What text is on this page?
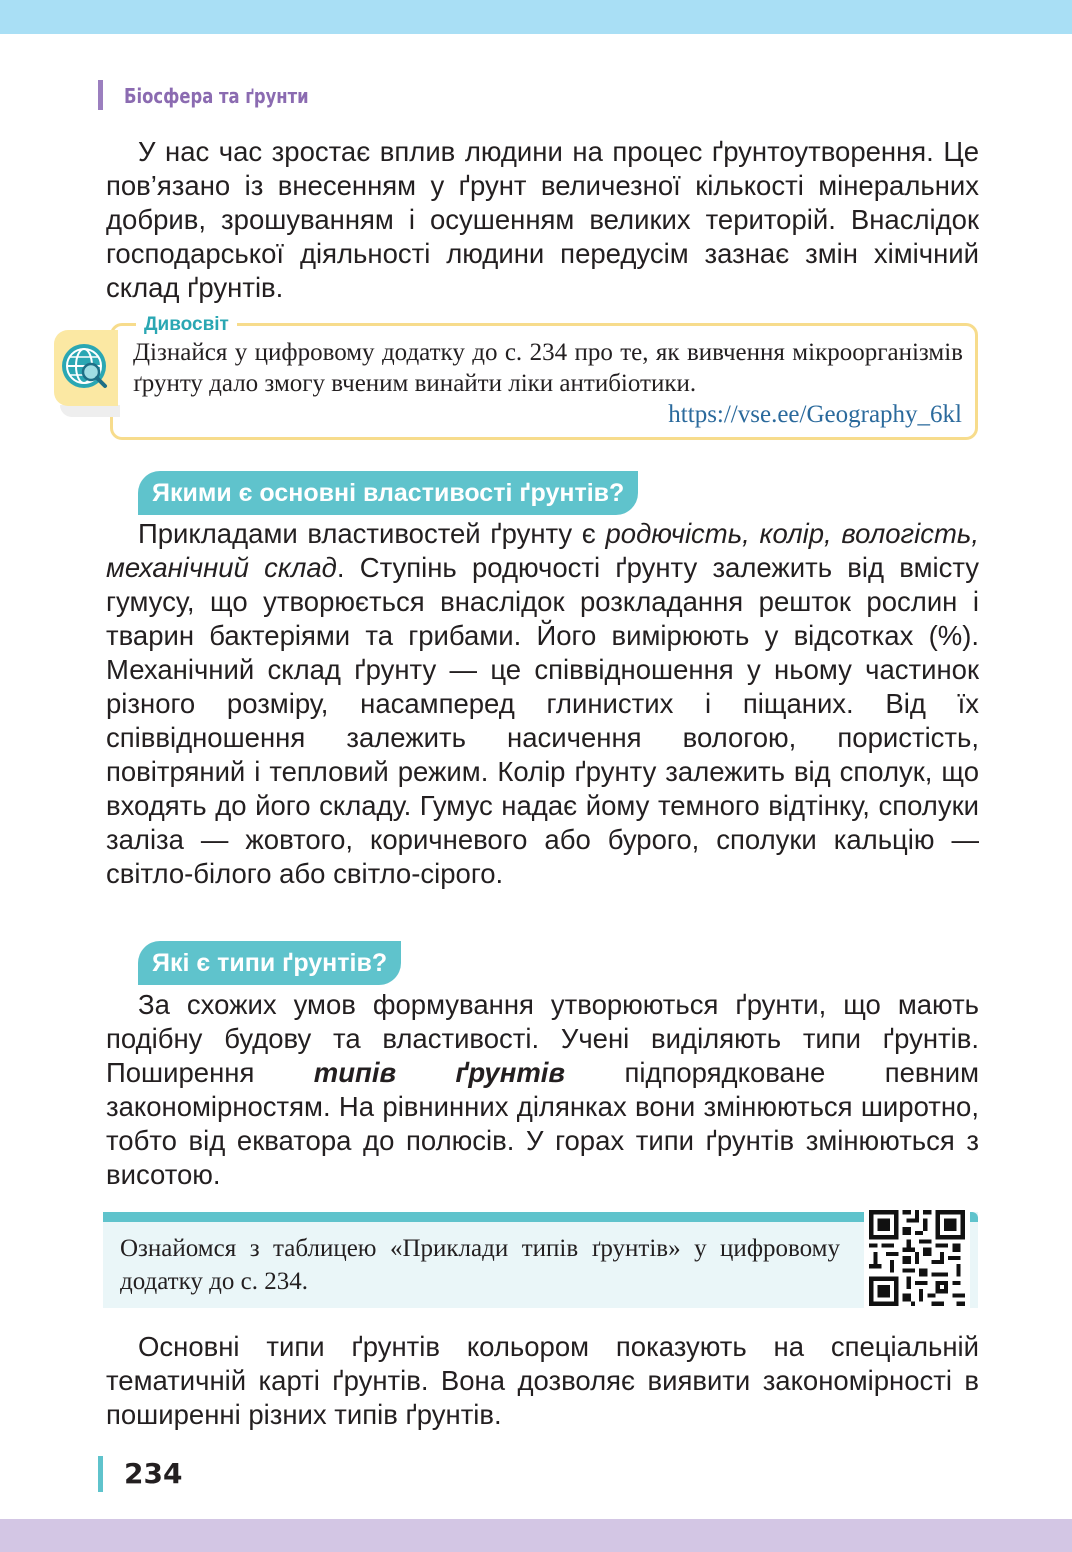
Біосфера та ґрунти

У нас час зростає вплив людини на процес ґрунтоутворення. Це пов’язано із внесенням у ґрунт величезної кількості мінеральних добрив, зрошуванням і осушенням великих територій. Внаслідок господарської діяльності людини передусім зазнає змін хімічний склад ґрунтів.

Дивосвіт

Дізнайся у цифровому додатку до с. 234 про те, як вивчення мікроорганізмів ґрунту дало змогу вченим винайти ліки антибіотики.

https://vse.ee/Geography_6kl
Якими є основні властивості ґрунтів?

Прикладами властивостей ґрунту є родючість, колір, вологість, механічний склад. Ступінь родючості ґрунту залежить від вмісту гумусу, що утворюється внаслідок розкладання решток рослин і тварин бактеріями та грибами. Його вимірюють у відсотках (%). Механічний склад ґрунту — це співвідношення у ньому частинок різного розміру, насамперед глинистих і піщаних. Від їх співвідношення залежить насичення вологою, пористість, повітряний і тепловий режим. Колір ґрунту залежить від сполук, що входять до його складу. Гумус надає йому темного відтінку, сполуки заліза — жовтого, коричневого або бурого, сполуки кальцію — світло-білого або світло-сірого.

Які є типи ґрунтів?

За схожих умов формування утворюються ґрунти, що мають подібну будову та властивості. Учені виділяють типи ґрунтів. Поширення типів ґрунтів підпорядковане певним закономірностям. На рівнинних ділянках вони змінюються широтно, тобто від екватора до полюсів. У горах типи ґрунтів змінюються з висотою.

Ознайомся з таблицею «Приклади типів ґрунтів» у цифровому додатку до с. 234.

Основні типи ґрунтів кольором показують на спеціальній тематичній карті ґрунтів. Вона дозволяє виявити закономірності в поширенні різних типів ґрунтів.

234
